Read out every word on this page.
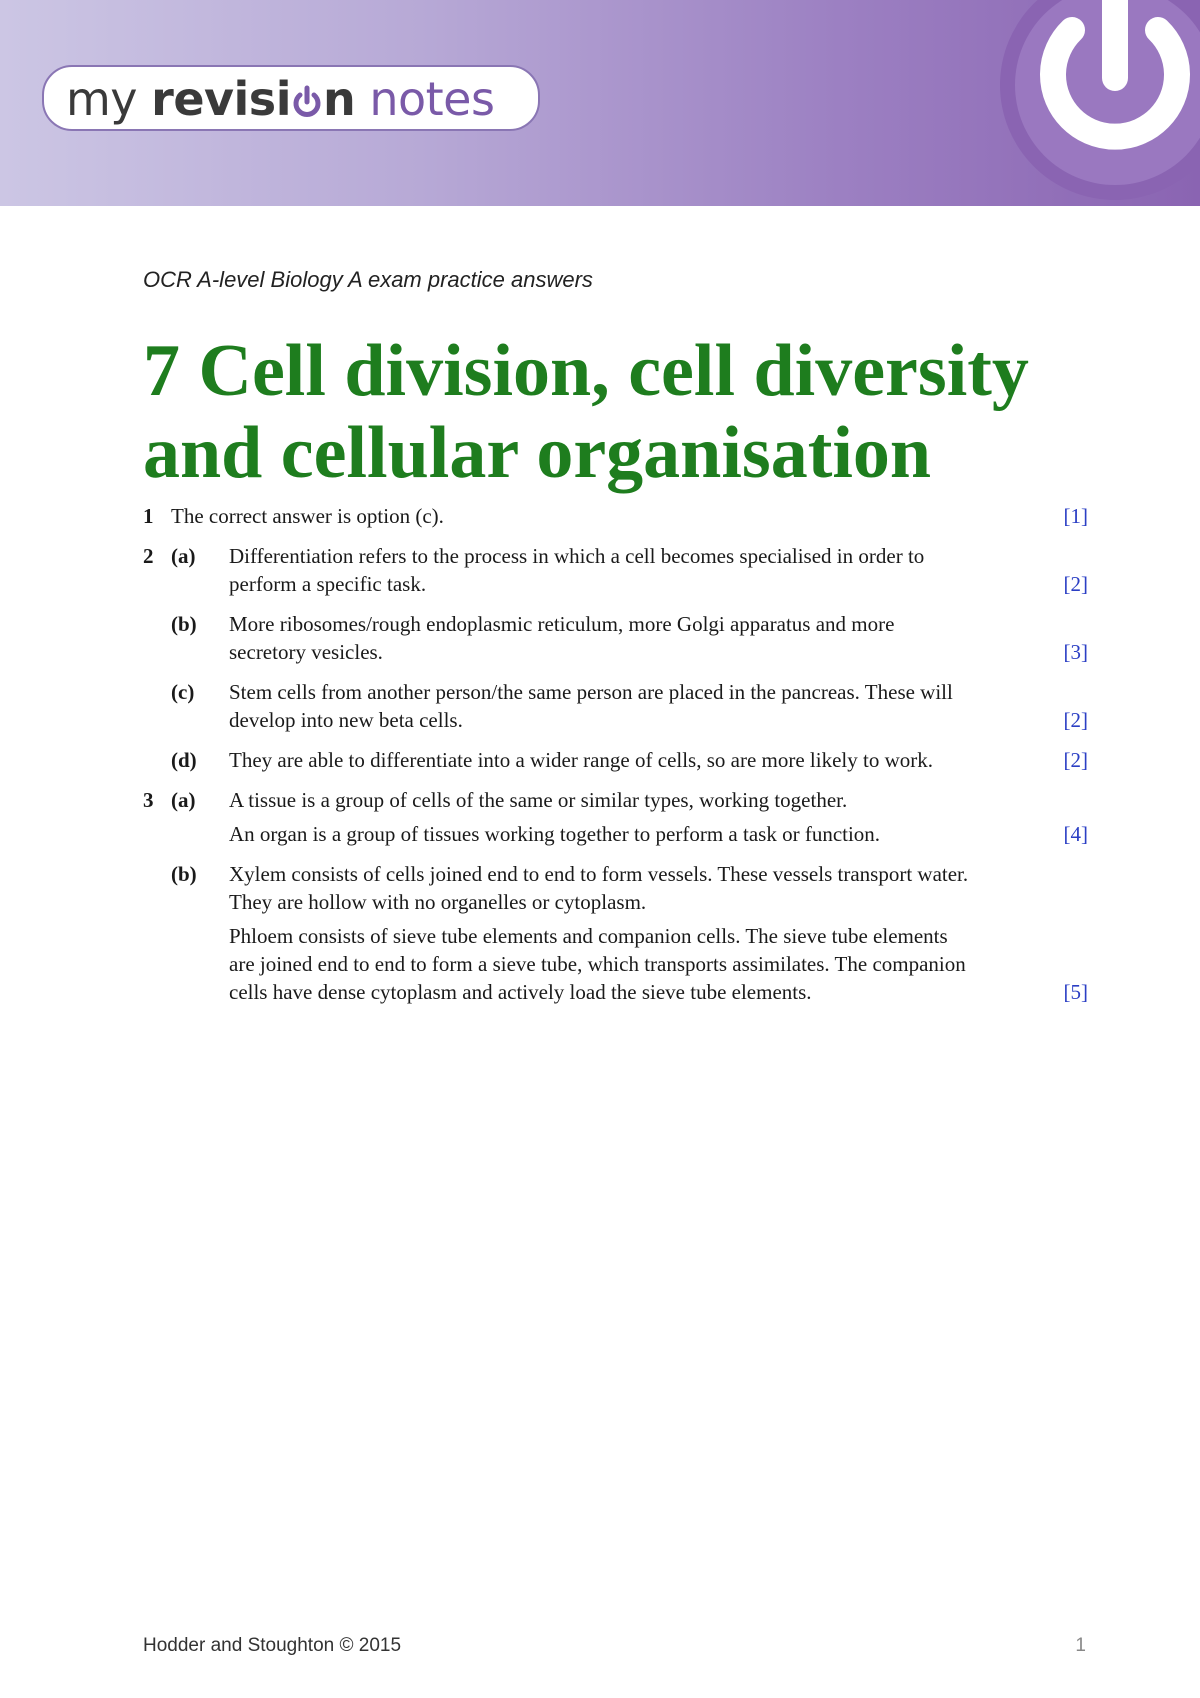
my revisi n notes
OCR A-level Biology A exam practice answers
7 Cell division, cell diversity
and cellular organisation
1 The correct answer is option (c).	[1]
2 (a) Differentiation refers to the process in which a cell becomes specialised in order to
perform a specific task.	[2]
(b) More ribosomes/rough endoplasmic reticulum, more Golgi apparatus and more
secretory vesicles.	[3]
(c) Stem cells from another person/the same person are placed in the pancreas. These will
develop into new beta cells.	[2]
(d) They are able to differentiate into a wider range of cells, so are more likely to work.	[2]
3 (a) A tissue is a group of cells of the same or similar types, working together.
An organ is a group of tissues working together to perform a task or function.	[4]
(b) Xylem consists of cells joined end to end to form vessels. These vessels transport water.
They are hollow with no organelles or cytoplasm.
Phloem consists of sieve tube elements and companion cells. The sieve tube elements
are joined end to end to form a sieve tube, which transports assimilates. The companion
cells have dense cytoplasm and actively load the sieve tube elements.	[5]
Hodder and Stoughton © 2015	1
